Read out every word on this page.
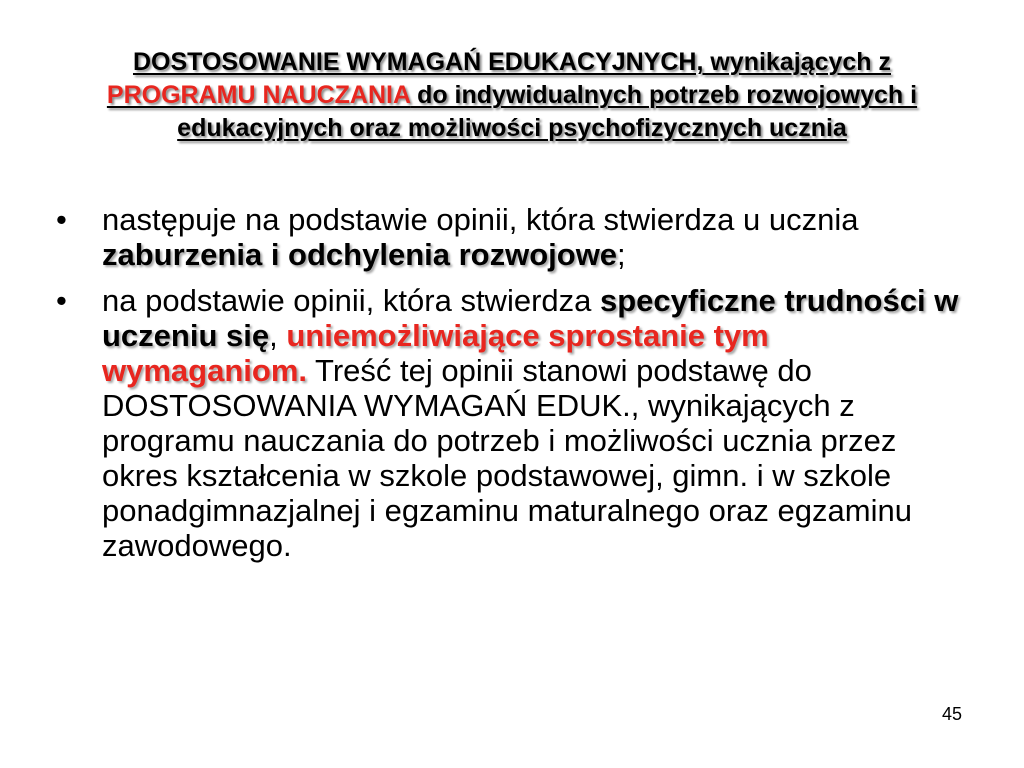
DOSTOSOWANIE WYMAGAŃ EDUKACYJNYCH, wynikających z PROGRAMU NAUCZANIA do indywidualnych potrzeb rozwojowych i edukacyjnych oraz możliwości psychofizycznych ucznia
• następuje na podstawie opinii, która stwierdza u ucznia zaburzenia i odchylenia rozwojowe;
• na podstawie opinii, która stwierdza specyficzne trudności w uczeniu się, uniemożliwiające sprostanie tym wymaganiom. Treść tej opinii stanowi podstawę do DOSTOSOWANIA WYMAGAŃ EDUK., wynikających z programu nauczania do potrzeb i możliwości ucznia przez okres kształcenia w szkole podstawowej, gimn. i w szkole ponadgimnazjalnej i egzaminu maturalnego oraz egzaminu zawodowego.
45
